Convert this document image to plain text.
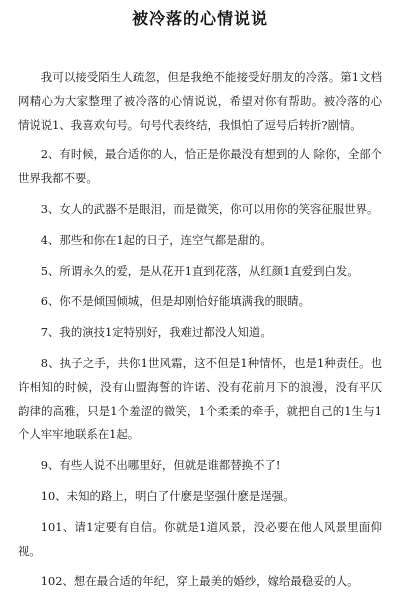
被冷落的心情说说

我可以接受陌生人疏忽，但是我绝不能接受好朋友的冷落。第1文档网精心为大家整理了被冷落的心情说说，希望对你有帮助。被冷落的心情说说1、我喜欢句号。句号代表终结，我惧怕了逗号后转折?剧情。

2、有时候，最合适你的人，恰正是你最没有想到的人 除你，全部个世界我都不要。

3、女人的武器不是眼泪，而是微笑，你可以用你的笑容征服世界。

4、那些和你在1起的日子，连空气都是甜的。

5、所谓永久的爱，是从花开1直到花落，从红颜1直爱到白发。

6、你不是倾国倾城，但是却刚恰好能填满我的眼睛。

7、我的演技1定特别好，我难过都没人知道。

8、执子之手，共你1世风霜，这不但是1种情怀，也是1种责任。也许相知的时候，没有山盟海誓的许诺、没有花前月下的浪漫，没有平仄韵律的高雅，只是1个羞涩的微笑，1个柔柔的牵手，就把自己的1生与1个人牢牢地联系在1起。

9、有些人说不出哪里好，但就是谁都替换不了!

10、未知的路上，明白了什麽是坚强什麽是逞强。

101、请1定要有自信。你就是1道风景，没必要在他人风景里面仰视。

102、想在最合适的年纪，穿上最美的婚纱，嫁给最稳妥的人。
